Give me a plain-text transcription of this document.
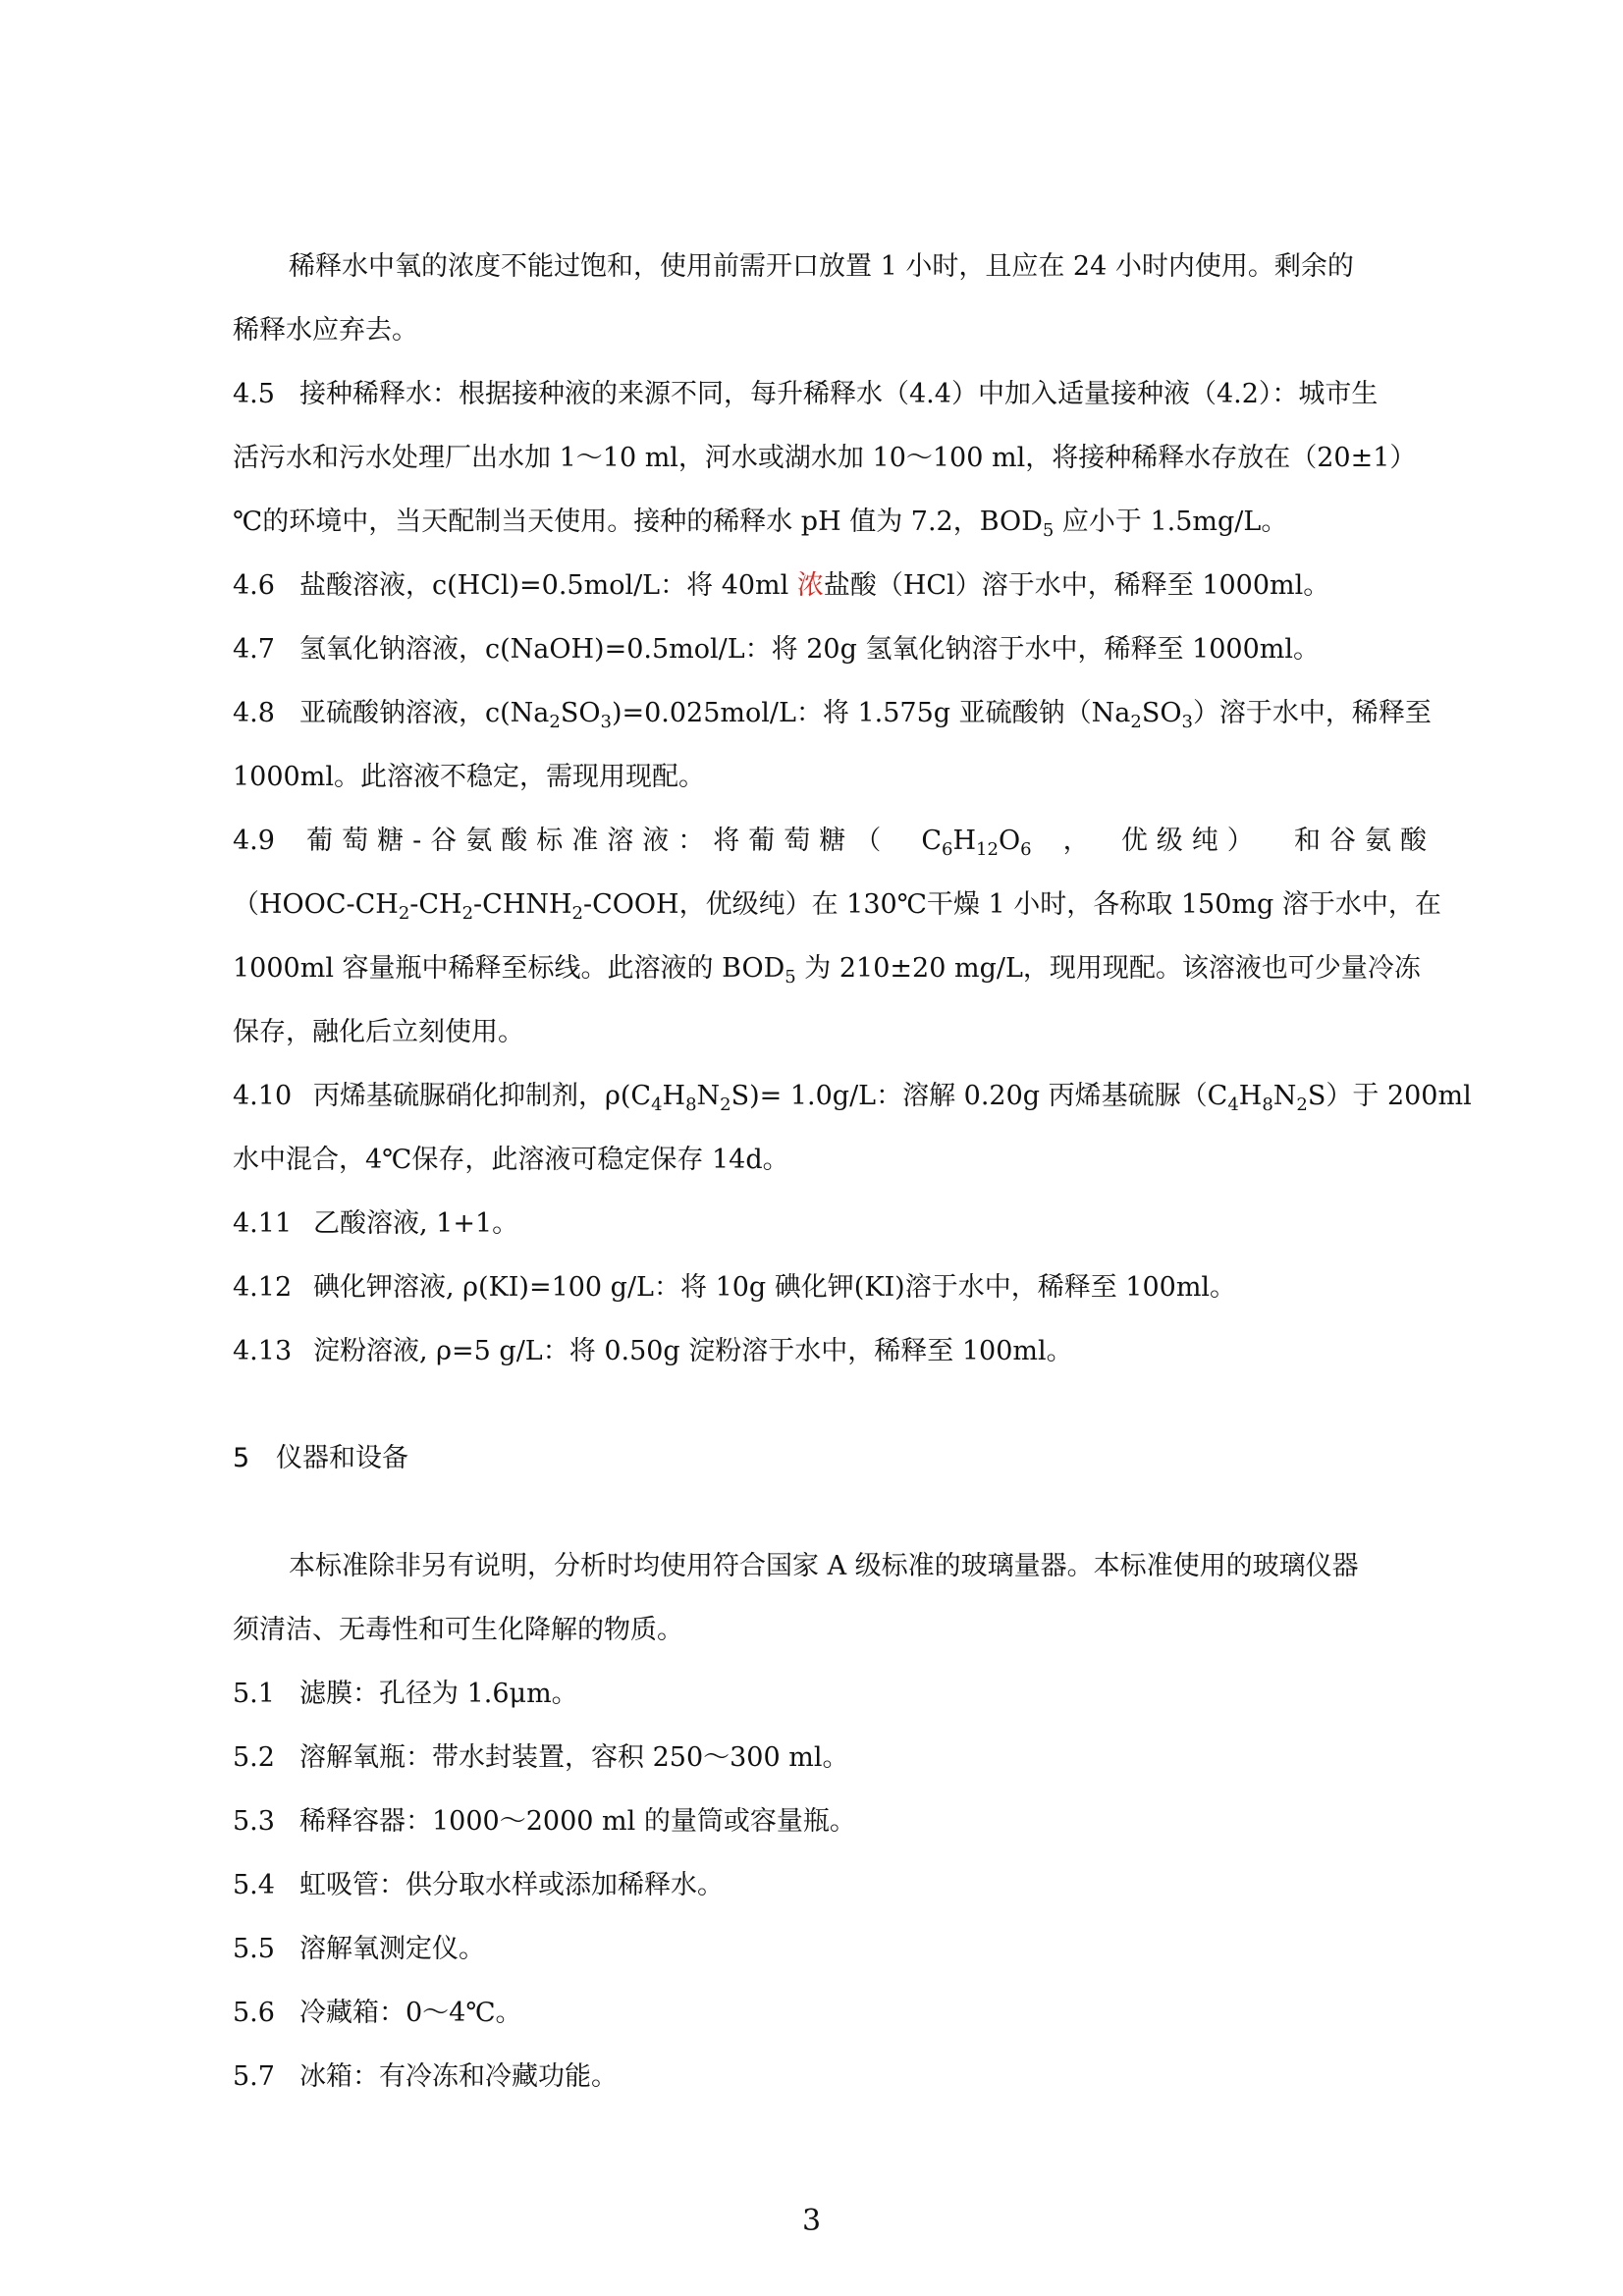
稀释水中氧的浓度不能过饱和，使用前需开口放置 1 小时，且应在 24 小时内使用。剩余的
稀释水应弃去。
4.5 接种稀释水：根据接种液的来源不同，每升稀释水（4.4）中加入适量接种液（4.2）：城市生
活污水和污水处理厂出水加 1～10 ml，河水或湖水加 10～100 ml，将接种稀释水存放在（20±1）
℃的环境中，当天配制当天使用。接种的稀释水 pH 值为 7.2，$BOD_5$ 应小于 1.5mg/L。
4.6 盐酸溶液，c(HCl)=0.5mol/L：将 40ml 浓盐酸（HCl）溶于水中，稀释至 1000ml。
4.7 氢氧化钠溶液，c(NaOH)=0.5mol/L：将 20g 氢氧化钠溶于水中，稀释至 1000ml。
4.8 亚硫酸钠溶液，$c(Na_2SO_3)=0.025mol/L$：将 1.575g 亚硫酸钠$(Na_2SO_3)$溶于水中，稀释至
1000ml。此溶液不稳定，需现用现配。
4.9 葡萄糖-谷氨酸标准溶液：将葡萄糖（ $C_6H_{12}O_6$ ， 优级纯） 和谷氨酸
（$HOOC-CH_2-CH_2-CHNH_2$-COOH，优级纯）在 130℃干燥 1 小时，各称取 150mg 溶于水中，在
1000ml 容量瓶中稀释至标线。此溶液的 $BOD_5$ 为 210±20 mg/L，现用现配。该溶液也可少量冷冻
保存，融化后立刻使用。
4.10 丙烯基硫脲硝化抑制剂，$\rho(C_4H_8N_2S)= 1.0g/L$：溶解 0.20g 丙烯基硫脲$(C_4H_8N_2S)$于 200ml
水中混合，4℃保存，此溶液可稳定保存 14d。
4.11 乙酸溶液, 1+1。
4.12 碘化钾溶液, ρ(KI)=100 g/L：将 10g 碘化钾(KI)溶于水中，稀释至 100ml。
4.13 淀粉溶液, ρ=5 g/L：将 0.50g 淀粉溶于水中，稀释至 100ml。
5 仪器和设备
本标准除非另有说明，分析时均使用符合国家 A 级标准的玻璃量器。本标准使用的玻璃仪器
须清洁、无毒性和可生化降解的物质。
5.1 滤膜：孔径为 1.6μm。
5.2 溶解氧瓶：带水封装置，容积 250～300 ml。
5.3 稀释容器：1000～2000 ml 的量筒或容量瓶。
5.4 虹吸管：供分取水样或添加稀释水。
5.5 溶解氧测定仪。
5.6 冷藏箱：0～4℃。
5.7 冰箱：有冷冻和冷藏功能。
3
